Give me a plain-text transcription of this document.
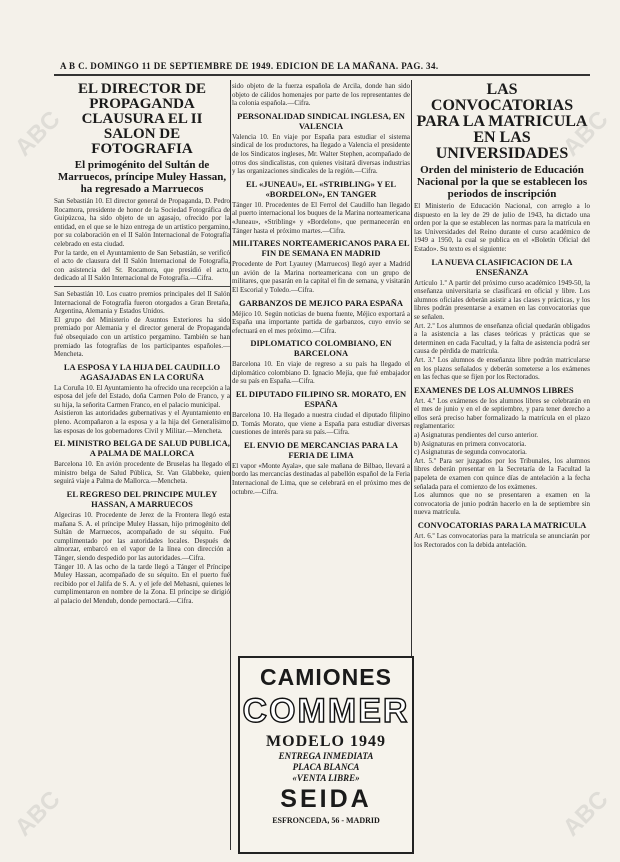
A B C. DOMINGO 11 DE SEPTIEMBRE DE 1949. EDICION DE LA MAÑANA. PAG. 34.
EL DIRECTOR DE PROPAGANDA CLAUSURA EL II SALON DE FOTOGRAFIA
El primogénito del Sultán de Marruecos, príncipe Muley Hassan, ha regresado a Marruecos

San Sebastián 10. El director general de Propaganda, D. Pedro Rocamora, presidente de honor de la Sociedad Fotográfica de Guipúzcoa, ha sido objeto de un agasajo, ofrecido por la entidad, en el que se le hizo entrega de un artístico pergamino, por su colaboración en el II Salón Internacional de Fotografía celebrado en esta ciudad.

Por la tarde, en el Ayuntamiento de San Sebastián, se verificó el acto de clausura del II Salón Internacional de Fotografía, con asistencia del Sr. Rocamora, que presidió el acto, dedicado al II Salón Internacional de Fotografía.—Cifra.

San Sebastián 10. Los cuatro premios principales del II Salón Internacional de Fotografía fueron otorgados a Gran Bretaña, Argentina, Alemania y Estados Unidos.

El grupo del Ministerio de Asuntos Exteriores ha sido premiado por Alemania y el director general de Propaganda fué obsequiado con un artístico pergamino. También se han premiado las fotografías de los participantes españoles.—Mencheta.

LA ESPOSA Y LA HIJA DEL CAUDILLO AGASAJADAS EN LA CORUÑA

La Coruña 10. El Ayuntamiento ha ofrecido una recepción a la esposa del jefe del Estado, doña Carmen Polo de Franco, y a su hija, la señorita Carmen Franco, en el palacio municipal.

Asistieron las autoridades gubernativas y el Ayuntamiento en pleno. Acompañaron a la esposa y a la hija del Generalísimo las esposas de los gobernadores Civil y Militar.—Mencheta.

EL MINISTRO BELGA DE SALUD PUBLICA, A PALMA DE MALLORCA

Barcelona 10. En avión procedente de Bruselas ha llegado el ministro belga de Salud Pública, Sr. Van Glabbeke, quien seguirá viaje a Palma de Mallorca.—Mencheta.

EL REGRESO DEL PRINCIPE MULEY HASSAN, A MARRUECOS

Algeciras 10. Procedente de Jerez de la Frontera llegó esta mañana S. A. el príncipe Muley Hassan, hijo primogénito del Sultán de Marruecos, acompañado de su séquito. Fué cumplimentado por las autoridades locales. Después de almorzar, embarcó en el vapor de la línea con dirección a Tánger, siendo despedido por las autoridades.—Cifra.

Tánger 10. A las ocho de la tarde llegó a Tánger el Príncipe Muley Hassan, acompañado de su séquito. En el puerto fué recibido por el Jalifa de S. A. y el jefe del Mehasni, quienes le cumplimentaron en nombre de la Zona. El príncipe se dirigió al palacio del Mendub, donde pernoctará.—Cifra.

sido objeto de la fuerza española de Arcila, donde han sido objeto de cálidos homenajes por parte de los representantes de la colonia española.—Cifra.

PERSONALIDAD SINDICAL INGLESA, EN VALENCIA

Valencia 10. En viaje por España para estudiar el sistema sindical de los productores, ha llegado a Valencia el presidente de los Sindicatos ingleses, Mr. Walter Stephen, acompañado de otros dos sindicalistas, con quienes visitará diversas industrias y las organizaciones sindicales de la región.—Cifra.

EL «JUNEAU», EL «STRIBLING» Y EL «BORDELON», EN TANGER

Tánger 10. Procedentes de El Ferrol del Caudillo han llegado al puerto internacional los buques de la Marina norteamericana «Juneau», «Stribling» y «Bordelon», que permanecerán en Tánger hasta el próximo martes.—Cifra.

MILITARES NORTEAMERICANOS PARA EL FIN DE SEMANA EN MADRID

Procedente de Port Lyautey (Marruecos) llegó ayer a Madrid un avión de la Marina norteamericana con un grupo de militares, que pasarán en la capital el fin de semana, y visitarán El Escorial y Toledo.—Cifra.

GARBANZOS DE MEJICO PARA ESPAÑA

Méjico 10. Según noticias de buena fuente, Méjico exportará a España una importante partida de garbanzos, cuyo envío se efectuará en el mes próximo.—Cifra.

DIPLOMATICO COLOMBIANO, EN BARCELONA

Barcelona 10. En viaje de regreso a su país ha llegado el diplomático colombiano D. Ignacio Mejía, que fué embajador de su país en España.—Cifra.

EL DIPUTADO FILIPINO SR. MORATO, EN ESPAÑA

Barcelona 10. Ha llegado a nuestra ciudad el diputado filipino D. Tomás Morato, que viene a España para estudiar diversas cuestiones de interés para su país.—Cifra.

EL ENVIO DE MERCANCIAS PARA LA FERIA DE LIMA

El vapor «Monte Ayala», que sale mañana de Bilbao, llevará a bordo las mercancías destinadas al pabellón español de la Feria Internacional de Lima, que se celebrará en el próximo mes de octubre.—Cifra.

CAMIONES
COMMER
MODELO 1949
ENTREGA INMEDIATA
PLACA BLANCA
«VENTA LIBRE»
SEIDA
ESFRONCEDA, 56 - MADRID
LAS CONVOCATORIAS PARA LA MATRICULA EN LAS UNIVERSIDADES
Orden del ministerio de Educación Nacional por la que se establecen los periodos de inscripción

El Ministerio de Educación Nacional, con arreglo a lo dispuesto en la ley de 29 de julio de 1943, ha dictado una orden por la que se establecen las normas para la matrícula en las Universidades del Reino durante el curso académico de 1949 a 1950, la cual se publica en el «Boletín Oficial del Estado». Su texto es el siguiente:

LA NUEVA CLASIFICACION DE LA ENSEÑANZA

Artículo 1.º A partir del próximo curso académico 1949-50, la enseñanza universitaria se clasificará en oficial y libre. Los alumnos oficiales deberán asistir a las clases y prácticas, y los libres podrán presentarse a examen en las convocatorias que se señalen.

Art. 2.º Los alumnos de enseñanza oficial quedarán obligados a la asistencia a las clases teóricas y prácticas que se determinen en cada Facultad, y la falta de asistencia podrá ser causa de pérdida de matrícula.

Art. 3.º Los alumnos de enseñanza libre podrán matricularse en los plazos señalados y deberán someterse a los exámenes en las fechas que se fijen por los Rectorados.

EXAMENES DE LOS ALUMNOS LIBRES

Art. 4.º Los exámenes de los alumnos libres se celebrarán en el mes de junio y en el de septiembre, y para tener derecho a ellos será preciso haber formalizado la matrícula en el plazo reglamentario:

a) Asignaturas pendientes del curso anterior.

b) Asignaturas en primera convocatoria.

c) Asignaturas de segunda convocatoria.

Art. 5.º Para ser juzgados por los Tribunales, los alumnos libres deberán presentar en la Secretaría de la Facultad la papeleta de examen con quince días de antelación a la fecha señalada para el comienzo de los exámenes.

Los alumnos que no se presentaren a examen en la convocatoria de junio podrán hacerlo en la de septiembre sin nueva matrícula.

CONVOCATORIAS PARA LA MATRICULA

Art. 6.º Las convocatorias para la matrícula se anunciarán por los Rectorados con la debida antelación.

ABC
ABC
ABC
ABC
